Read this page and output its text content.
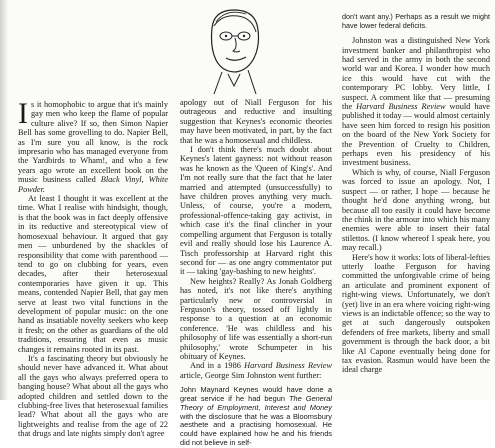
Is it homophobic to argue that it's mainly gay men who keep the flame of popular culture alive? If so, then Simon Napier Bell has some grovelling to do. Napier Bell, as I'm sure you all know, is the rock impresario who has managed everyone from the Yardbirds to Wham!, and who a few years ago wrote an excellent book on the music business called Black Vinyl, White Powder.

At least I thought it was excellent at the time. What I realise with hindsight, though, is that the book was in fact deeply offensive in its reductive and stereotypical view of homosexual behaviour. It argued that gay men — unburdened by the shackles of responsibility that come with parenthood — tend to go on clubbing for years, even decades, after their heterosexual contemporaries have given it up. This means, contended Napier Bell, that gay men serve at least two vital functions in the development of popular music: on the one hand as insatiable novelty seekers who keep it fresh; on the other as guardians of the old traditions, ensuring that even as music changes it remains rooted in its past.

It's a fascinating theory but obviously he should never have advanced it. What about all the gays who always preferred opera to banging house? What about all the gays who adopted children and settled down to the clubbing-free lives that heterosexual families lead? What about all the gays who are lightweights and realise from the age of 22 that drugs and late nights simply don't agree

apology out of Niall Ferguson for his outrageous and reductive and insulting suggestion that Keynes's economic theories may have been motivated, in part, by the fact that he was a homosexual and childless.

I don't think there's much doubt about Keynes's latent gayness: not without reason was he known as the 'Queen of King's'. And I'm not really sure that the fact that he later married and attempted (unsuccessfully) to have children proves anything very much. Unless, of course, you're a modern, professional-offence-taking gay activist, in which case it's the final clincher in your compelling argument that Ferguson is totally evil and really should lose his Laurence A. Tisch professorship at Harvard right this second for — as one angry commentator put it — taking 'gay-bashing to new heights'.

New heights? Really? As Jonah Goldberg has noted, it's not like there's anything particularly new or controversial in Ferguson's theory, tossed off lightly in response to a question at an economic conference. 'He was childless and his philosophy of life was essentially a short-run philosophy,' wrote Schumpeter in his obituary of Keynes.

And in a 1986 Harvard Business Review article, George Sim Johnston went further:

John Maynard Keynes would have done a great service if he had begun The General Theory of Employment, Interest and Money with the disclosure that he was a Bloomsbury aesthete and a practising homosexual. He could have explained how he and his friends did not believe in self-

don't want any.) Perhaps as a result we might have lower federal deficits.

Johnston was a distinguished New York investment banker and philanthropist who had served in the army in both the second world war and Korea. I wonder how much ice this would have cut with the contemporary PC lobby. Very little, I suspect. A comment like that — presuming the Harvard Business Review would have published it today — would almost certainly have seen him forced to resign his position on the board of the New York Society for the Prevention of Cruelty to Children, perhaps even his presidency of his investment business.

Which is why, of course, Niall Ferguson was forced to issue an apology. Not, I suspect — or rather, I hope — because he thought he'd done anything wrong, but because all too easily it could have become the chink in the armour into which his many enemies were able to insert their fatal stilettos. (I know whereof I speak here, you may recall.)

Here's how it works: lots of liberal-lefties utterly loathe Ferguson for having committed the unforgivable crime of being an articulate and prominent exponent of right-wing views. Unfortunately, we don't (yet) live in an era where voicing right-wing views is an indictable offence; so the way to get at such dangerously outspoken defenders of free markets, liberty and small government is through the back door, a bit like Al Capone eventually being done for tax evasion. Rasmun would have been the ideal charge
